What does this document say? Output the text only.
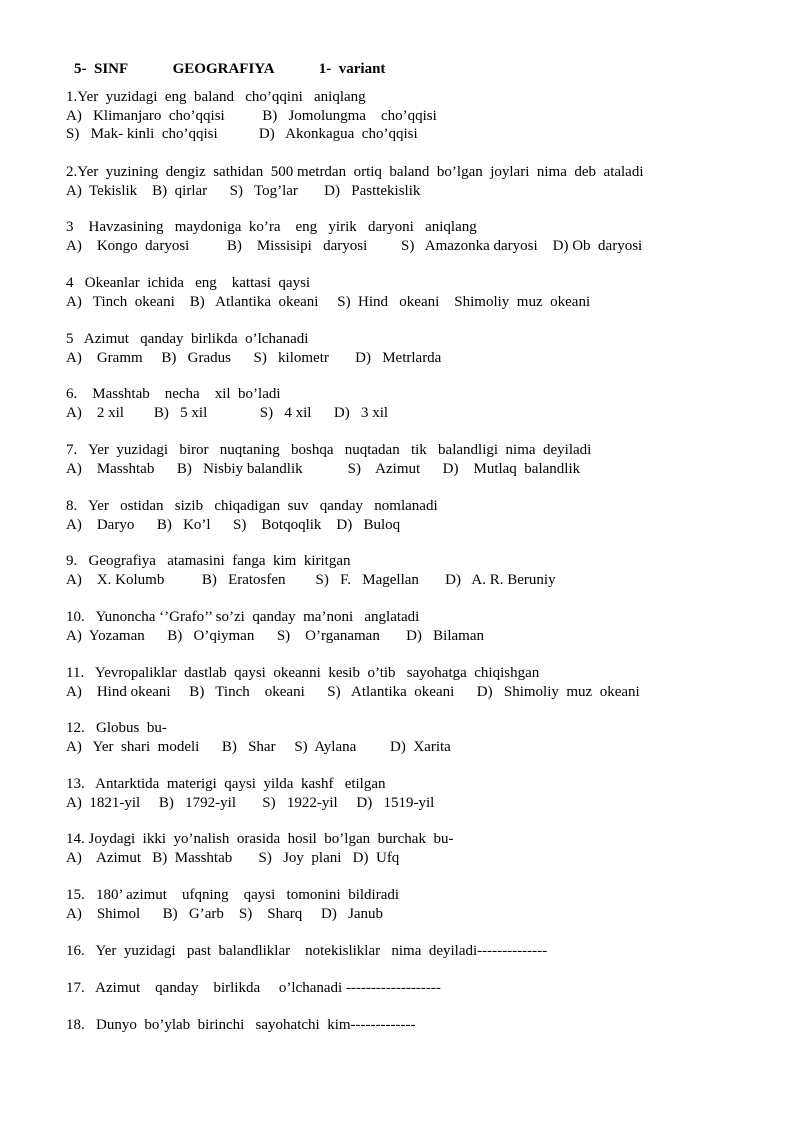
5-  SINF            GEOGRAFIYA            1-  variant
1.Yer  yuzidagi  eng  baland   cho’qqini   aniqlang
A)   Klimanjaro  cho’qqisi          B)   Jomolungma    cho’qqisi
S)   Mak- kinli  cho’qqisi           D)   Akonkagua  cho’qqisi
2.Yer  yuzining  dengiz  sathidan  500 metrdan  ortiq  baland  bo’lgan  joylari  nima  deb  ataladi
A)  Tekislik    B)  qirlar      S)   Tog’lar       D)   Pasttekislik
3    Havzasining   maydoniga  ko’ra    eng   yirik   daryoni   aniqlang
A)    Kongo  daryosi          B)    Missisipi   daryosi         S)   Amazonka daryosi    D) Ob  daryosi
4   Okeanlar  ichida   eng    kattasi  qaysi
A)   Tinch  okeani    B)   Atlantika  okeani     S)  Hind   okeani    Shimoliy  muz  okeani
5   Azimut   qanday  birlikda  o’lchanadi
A)    Gramm     B)   Gradus      S)   kilometr       D)   Metrlarda
6.    Masshtab    necha    xil  bo’ladi
A)    2 xil        B)   5 xil              S)   4 xil      D)   3 xil
7.   Yer  yuzidagi   biror   nuqtaning   boshqa   nuqtadan   tik   balandligi  nima  deyiladi
A)    Masshtab      B)   Nisbiy balandlik            S)    Azimut      D)    Mutlaq  balandlik
8.   Yer   ostidan   sizib   chiqadigan  suv   qanday   nomlanadi
A)    Daryo      B)   Ko’l      S)    Botqoqlik    D)   Buloq
9.   Geografiya   atamasini  fanga  kim  kiritgan
A)    X. Kolumb          B)   Eratosfen        S)   F.   Magellan       D)   A. R. Beruniy
10.   Yunoncha ‘’Grafo’’ so’zi  qanday  ma’noni   anglatadi
A)  Yozaman      B)   O’qiyman      S)    O’rganaman       D)   Bilaman
11.   Yevropaliklar  dastlab  qaysi  okeanni  kesib  o’tib   sayohatga  chiqishgan
A)    Hind okeani     B)   Tinch    okeani      S)   Atlantika  okeani      D)   Shimoliy  muz  okeani
12.   Globus  bu-
A)   Yer  shari  modeli      B)   Shar     S)  Aylana         D)  Xarita
13.   Antarktida  materigi  qaysi  yilda  kashf   etilgan
A)  1821-yil     B)   1792-yil       S)   1922-yil     D)   1519-yil
14. Joydagi  ikki  yo’nalish  orasida  hosil  bo’lgan  burchak  bu-
A)    Azimut   B)  Masshtab       S)   Joy  plani   D)  Ufq
15.   180’ azimut    ufqning    qaysi   tomonini  bildiradi
A)    Shimol      B)   G’arb    S)    Sharq     D)   Janub
16.   Yer  yuzidagi   past  balandliklar    notekisliklar   nima  deyiladi--------------
17.   Azimut    qanday    birlikda     o’lchanadi -------------------
18.   Dunyo  bo’ylab  birinchi   sayohatchi  kim-------------
